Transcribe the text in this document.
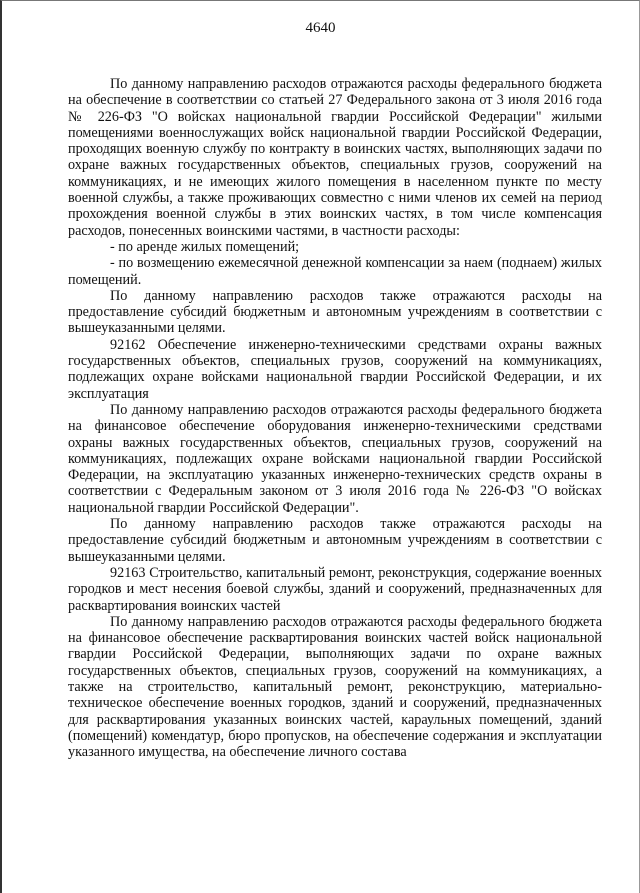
4640

По данному направлению расходов отражаются расходы федерального бюджета на обеспечение в соответствии со статьей 27 Федерального закона от 3 июля 2016 года № 226-ФЗ "О войсках национальной гвардии Российской Федерации" жилыми помещениями военнослужащих войск национальной гвардии Российской Федерации, проходящих военную службу по контракту в воинских частях, выполняющих задачи по охране важных государственных объектов, специальных грузов, сооружений на коммуникациях, и не имеющих жилого помещения в населенном пункте по месту военной службы, а также проживающих совместно с ними членов их семей на период прохождения военной службы в этих воинских частях, в том числе компенсация расходов, понесенных воинскими частями, в частности расходы:

- по аренде жилых помещений;

- по возмещению ежемесячной денежной компенсации за наем (поднаем) жилых помещений.

По данному направлению расходов также отражаются расходы на предоставление субсидий бюджетным и автономным учреждениям в соответствии с вышеуказанными целями.

92162 Обеспечение инженерно-техническими средствами охраны важных государственных объектов, специальных грузов, сооружений на коммуникациях, подлежащих охране войсками национальной гвардии Российской Федерации, и их эксплуатация

По данному направлению расходов отражаются расходы федерального бюджета на финансовое обеспечение оборудования инженерно-техническими средствами охраны важных государственных объектов, специальных грузов, сооружений на коммуникациях, подлежащих охране войсками национальной гвардии Российской Федерации, на эксплуатацию указанных инженерно-технических средств охраны в соответствии с Федеральным законом от 3 июля 2016 года № 226-ФЗ "О войсках национальной гвардии Российской Федерации".

По данному направлению расходов также отражаются расходы на предоставление субсидий бюджетным и автономным учреждениям в соответствии с вышеуказанными целями.

92163 Строительство, капитальный ремонт, реконструкция, содержание военных городков и мест несения боевой службы, зданий и сооружений, предназначенных для расквартирования воинских частей

По данному направлению расходов отражаются расходы федерального бюджета на финансовое обеспечение расквартирования воинских частей войск национальной гвардии Российской Федерации, выполняющих задачи по охране важных государственных объектов, специальных грузов, сооружений на коммуникациях, а также на строительство, капитальный ремонт, реконструкцию, материально-техническое обеспечение военных городков, зданий и сооружений, предназначенных для расквартирования указанных воинских частей, караульных помещений, зданий (помещений) комендатур, бюро пропусков, на обеспечение содержания и эксплуатации указанного имущества, на обеспечение личного состава
